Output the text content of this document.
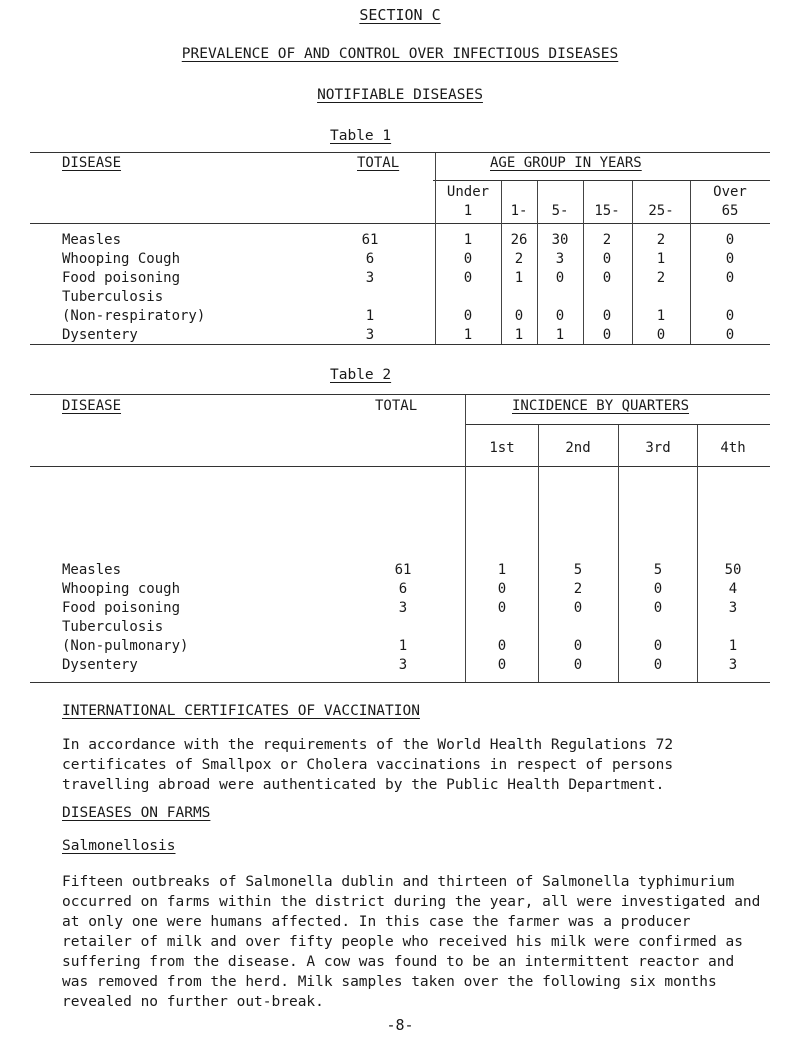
SECTION C
PREVALENCE OF AND CONTROL OVER INFECTIOUS DISEASES
NOTIFIABLE DISEASES
Table 1
DISEASE	TOTAL	AGE GROUP IN YEARS
Under
1	1-	5-	15-	25-
Over
65
Measles	61	1	26	30	2	2	0
Whooping Cough	6	0	2	3	0	1	0
Food poisoning	3	0	1	0	0	2	0
Tuberculosis
(Non-respiratory)	1	0	0	0	0	1	0
Dysentery	3	1	1	1	0	0	0
Table 2
DISEASE	TOTAL	INCIDENCE BY QUARTERS
1st	2nd	3rd	4th
Measles	61	1	5	5	50
Whooping cough	6	0	2	0	4
Food poisoning	3	0	0	0	3
Tuberculosis
(Non-pulmonary)	1	0	0	0	1
Dysentery	3	0	0	0	3
INTERNATIONAL CERTIFICATES OF VACCINATION

In accordance with the requirements of the World Health Regulations 72 certificates of Smallpox or Cholera vaccinations in respect of persons travelling abroad were authenticated by the Public Health Department.

DISEASES ON FARMS
Salmonellosis

Fifteen outbreaks of Salmonella dublin and thirteen of Salmonella typhimurium occurred on farms within the district during the year, all were investigated and at only one were humans affected. In this case the farmer was a producer retailer of milk and over fifty people who received his milk were confirmed as suffering from the disease. A cow was found to be an intermittent reactor and was removed from the herd. Milk samples taken over the following six months revealed no further out-break.

-8-
